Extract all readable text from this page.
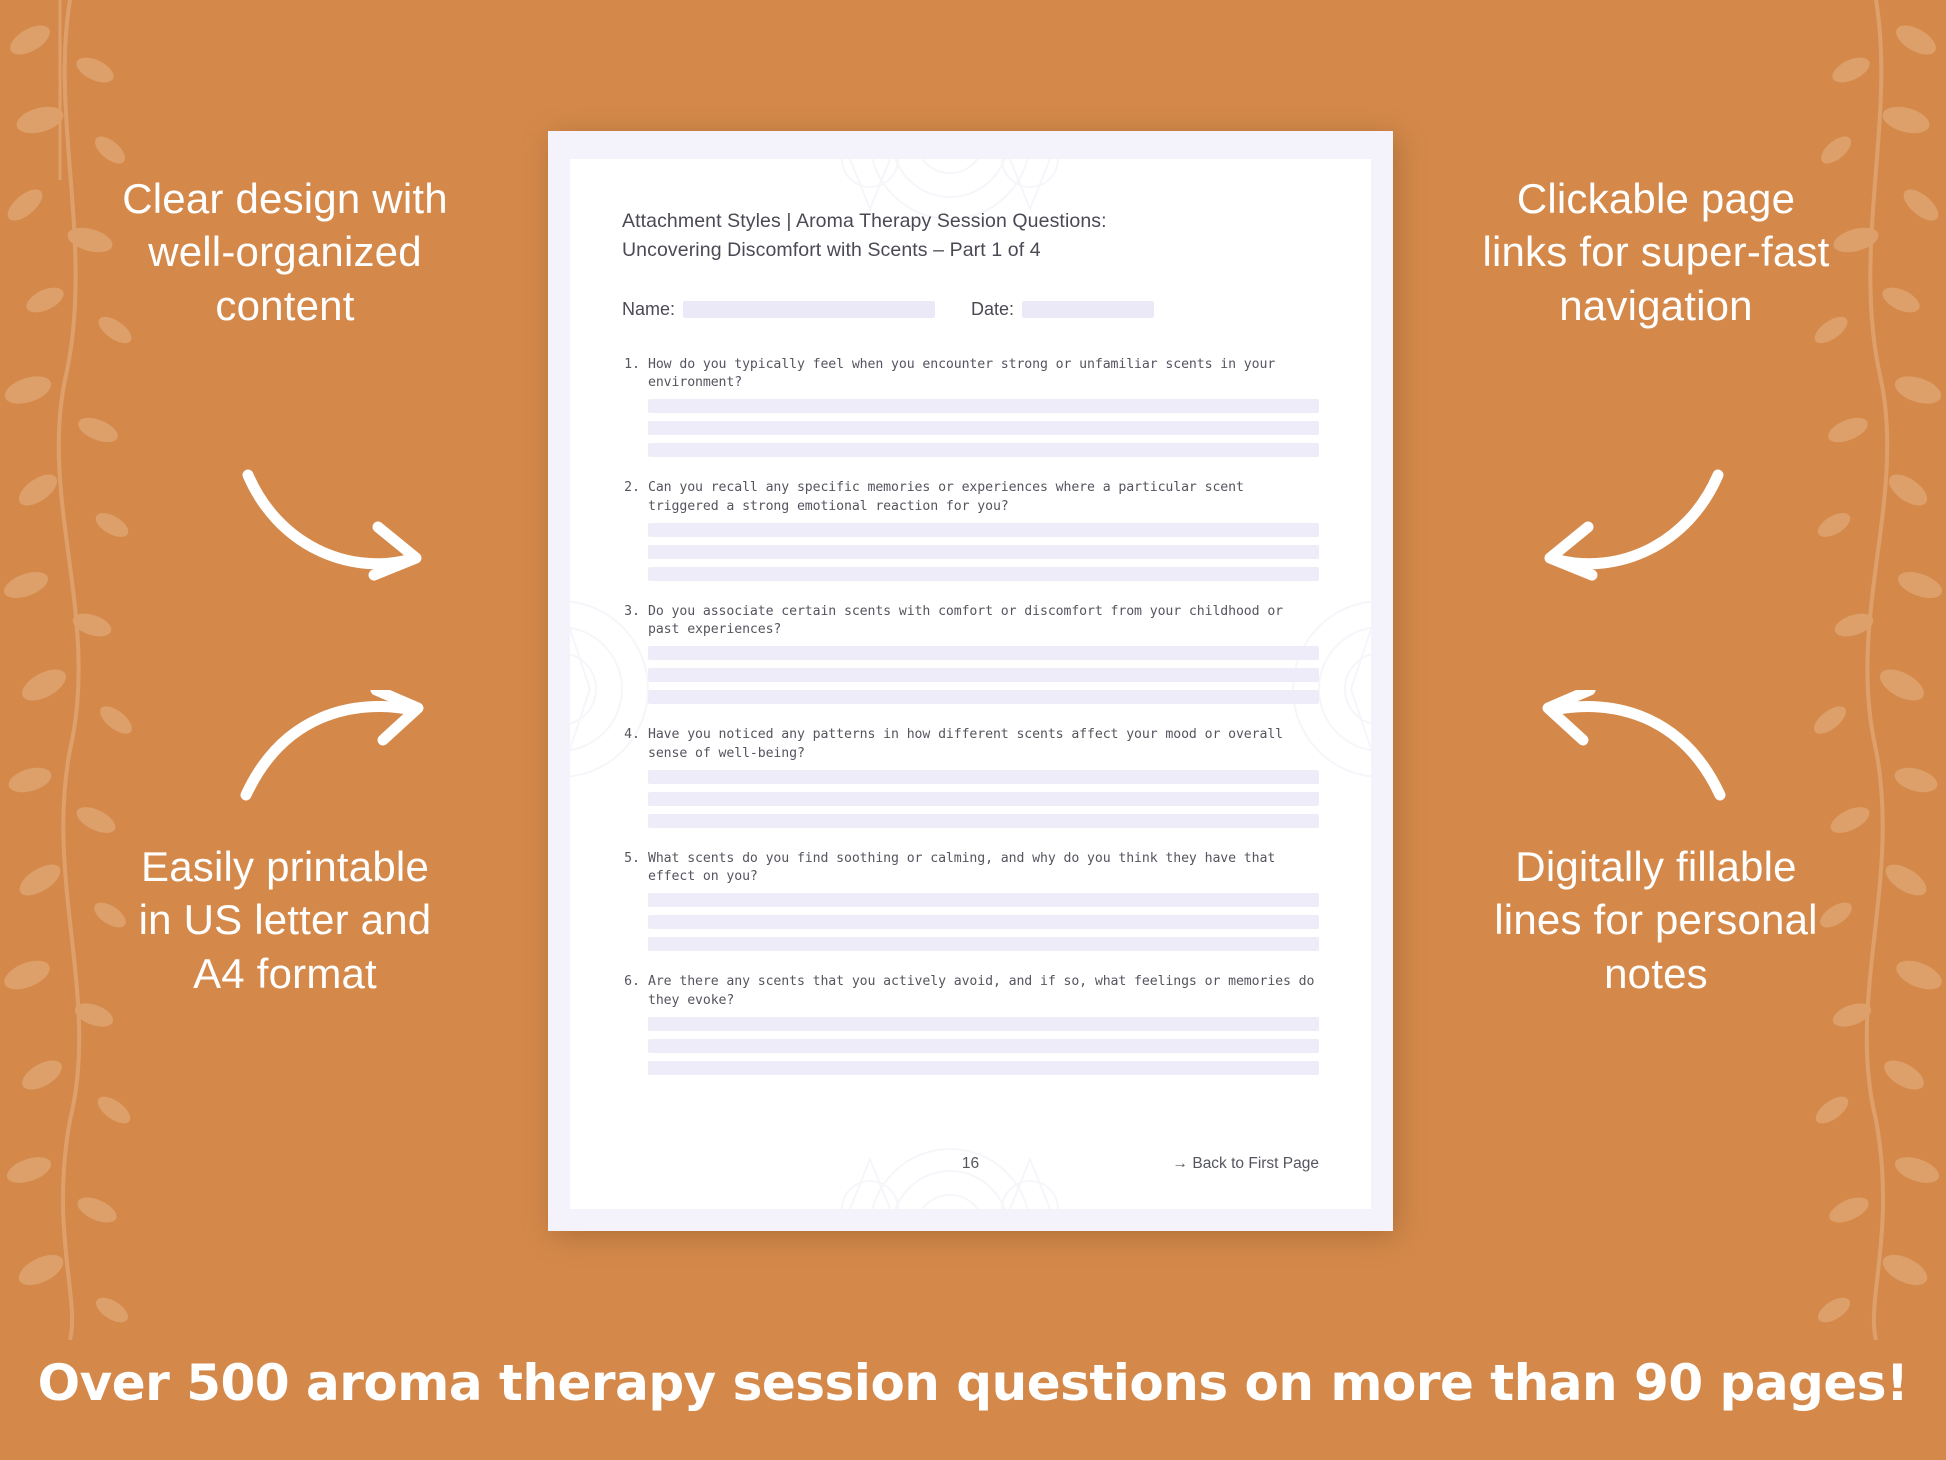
Clear design with well-organized content
Easily printable in US letter and A4 format
Clickable page links for super-fast navigation
Digitally fillable lines for personal notes
Attachment Styles | Aroma Therapy Session Questions:
Uncovering Discomfort with Scents – Part 1 of 4
Name:	Date:
1. How do you typically feel when you encounter strong or unfamiliar scents in your environment?
2. Can you recall any specific memories or experiences where a particular scent triggered a strong emotional reaction for you?
3. Do you associate certain scents with comfort or discomfort from your childhood or past experiences?
4. Have you noticed any patterns in how different scents affect your mood or overall sense of well-being?
5. What scents do you find soothing or calming, and why do you think they have that effect on you?
6. Are there any scents that you actively avoid, and if so, what feelings or memories do they evoke?
16	→ Back to First Page
Over 500 aroma therapy session questions on more than 90 pages!
